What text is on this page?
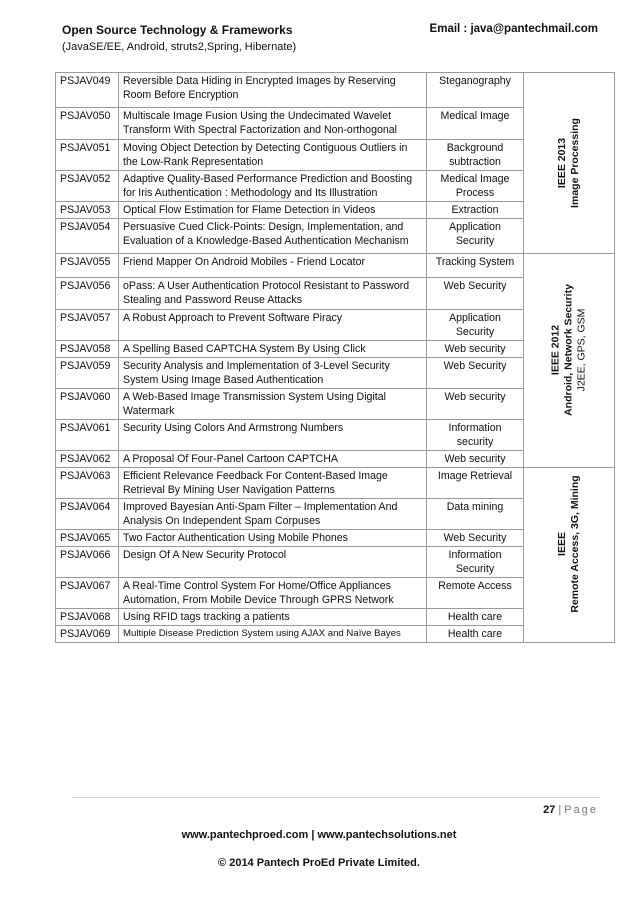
Open Source Technology & Frameworks	Email : java@pantechmail.com
(JavaSE/EE, Android, struts2,Spring, Hibernate)
PSJAV049	Reversible Data Hiding in Encrypted Images by Reserving Room Before Encryption	Steganography	IEEE 2013 Image Processing

PSJAV050	Multiscale Image Fusion Using the Undecimated Wavelet Transform With Spectral Factorization and Non-orthogonal	Medical Image	
PSJAV051	Moving Object Detection by Detecting Contiguous Outliers in the Low-Rank Representation	Background subtraction	
PSJAV052	Adaptive Quality-Based Performance Prediction and Boosting for Iris Authentication : Methodology and Its Illustration	Medical Image Process	
PSJAV053	Optical Flow Estimation for Flame Detection in Videos	Extraction	
PSJAV054	Persuasive Cued Click-Points: Design, Implementation, and Evaluation of a Knowledge-Based Authentication Mechanism	Application Security	
PSJAV055	Friend Mapper On Android Mobiles - Friend Locator	Tracking System	IEEE 2012 Android, Network Security J2EE, GPS, GSM

PSJAV056	oPass: A User Authentication Protocol Resistant to Password Stealing and Password Reuse Attacks	Web Security	
PSJAV057	A Robust Approach to Prevent Software Piracy	Application Security	
PSJAV058	A Spelling Based CAPTCHA System By Using Click	Web security	
PSJAV059	Security Analysis and Implementation of 3-Level Security System Using Image Based Authentication	Web Security	
PSJAV060	A Web-Based Image Transmission System Using Digital Watermark	Web security	
PSJAV061	Security Using Colors And Armstrong Numbers	Information security	
PSJAV062	A Proposal Of Four-Panel Cartoon CAPTCHA	Web security	
PSJAV063	Efficient Relevance Feedback For Content-Based Image Retrieval By Mining User Navigation Patterns	Image Retrieval	IEEE Remote Access, 3G, Mining

PSJAV064	Improved Bayesian Anti-Spam Filter – Implementation And Analysis On Independent Spam Corpuses	Data mining	
PSJAV065	Two Factor Authentication Using Mobile Phones	Web Security	
PSJAV066	Design Of A New Security Protocol	Information Security	
PSJAV067	A Real-Time Control System For Home/Office Appliances Automation, From Mobile Device Through GPRS Network	Remote Access	
PSJAV068	Using RFID tags tracking a patients	Health care	
PSJAV069	Multiple Disease Prediction System using AJAX and Naïve Bayes	Health care	
27 | Page
www.pantechproed.com | www.pantechsolutions.net
© 2014 Pantech ProEd Private Limited.
